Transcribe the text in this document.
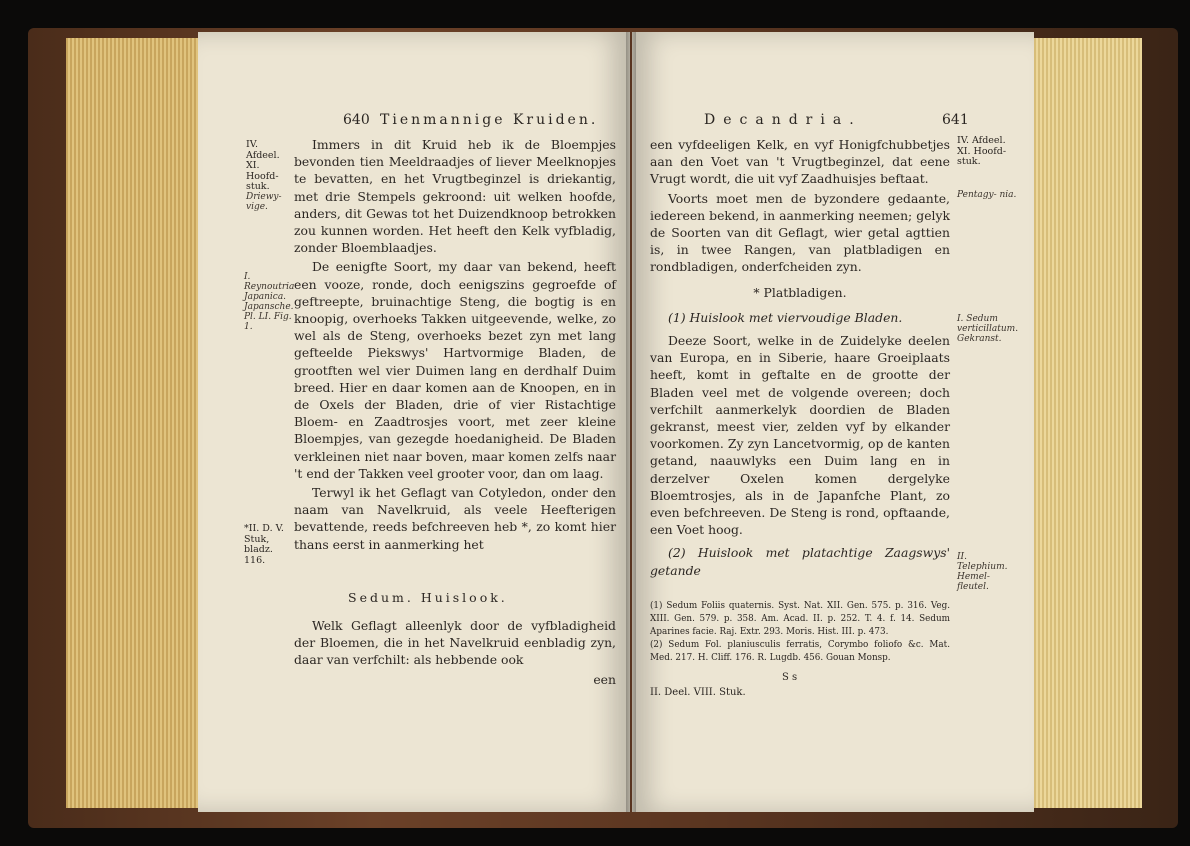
640 Tienmannige Kruiden.
IV. Afdeel. XI. Hoofd- stuk.
Driewy- vige.
I. Reynoutria Japanica. Japansche. Pl. LI. Fig. 1.
*II. D. V. Stuk, bladz. 116.

Immers in dit Kruid heb ik de Bloempjes bevonden tien Meeldraadjes of liever Meelknopjes te bevatten, en het Vrugtbeginzel is driekantig, met drie Stempels gekroond: uit welken hoofde, anders, dit Gewas tot het Duizendknoop betrokken zou kunnen worden. Het heeft den Kelk vyfbladig, zonder Bloemblaadjes.

De eenigfte Soort, my daar van bekend, heeft een vooze, ronde, doch eenigszins gegroefde of geftreepte, bruinachtige Steng, die bogtig is en knoopig, overhoeks Takken uitgeevende, welke, zo wel als de Steng, overhoeks bezet zyn met lang gefteelde Piekswys' Hartvormige Bladen, de grootften wel vier Duimen lang en derdhalf Duim breed. Hier en daar komen aan de Knoopen, en in de Oxels der Bladen, drie of vier Ristachtige Bloem- en Zaadtrosjes voort, met zeer kleine Bloempjes, van gezegde hoedanigheid. De Bladen verkleinen niet naar boven, maar komen zelfs naar 't end der Takken veel grooter voor, dan om laag.

Terwyl ik het Geflagt van Cotyledon, onder den naam van Navelkruid, als veele Heefterigen bevattende, reeds befchreeven heb *, zo komt hier thans eerst in aanmerking het

Sedum. Huislook.

Welk Geflagt alleenlyk door de vyfbladigheid der Bloemen, die in het Navelkruid eenbladig zyn, daar van verfchilt: als hebbende ook

een

Decandria.	641

een vyfdeeligen Kelk, en vyf Honigfchubbetjes aan den Voet van 't Vrugtbeginzel, dat eene Vrugt wordt, die uit vyf Zaadhuisjes beftaat.

Voorts moet men de byzondere gedaante, iedereen bekend, in aanmerking neemen; gelyk de Soorten van dit Geflagt, wier getal agttien is, in twee Rangen, van platbladigen en rondbladigen, onderfcheiden zyn.

* Platbladigen.

(1) Huislook met viervoudige Bladen.

Deeze Soort, welke in de Zuidelyke deelen van Europa, en in Siberie, haare Groeiplaats heeft, komt in geftalte en de grootte der Bladen veel met de volgende overeen; doch verfchilt aanmerkelyk doordien de Bladen gekranst, meest vier, zelden vyf by elkander voorkomen. Zy zyn Lancetvormig, op de kanten getand, naauwlyks een Duim lang en in derzelver Oxelen komen dergelyke Bloemtrosjes, als in de Japanfche Plant, zo even befchreeven. De Steng is rond, opftaande, een Voet hoog.

(2) Huislook met platachtige Zaagswys' getande

IV. Afdeel. XI. Hoofd- stuk.
Pentagy- nia.
I. Sedum verticillatum. Gekranst.
II. Telephium. Hemel- fleutel.

(1) Sedum Foliis quaternis. Syst. Nat. XII. Gen. 575. p. 316. Veg. XIII. Gen. 579. p. 358. Am. Acad. II. p. 252. T. 4. f. 14. Sedum Aparines facie. Raj. Extr. 293. Moris. Hist. III. p. 473.

(2) Sedum Fol. planiusculis ferratis, Corymbo foliofo &c. Mat. Med. 217. H. Cliff. 176. R. Lugdb. 456. Gouan Monsp.

S s
II. Deel. VIII. Stuk.
